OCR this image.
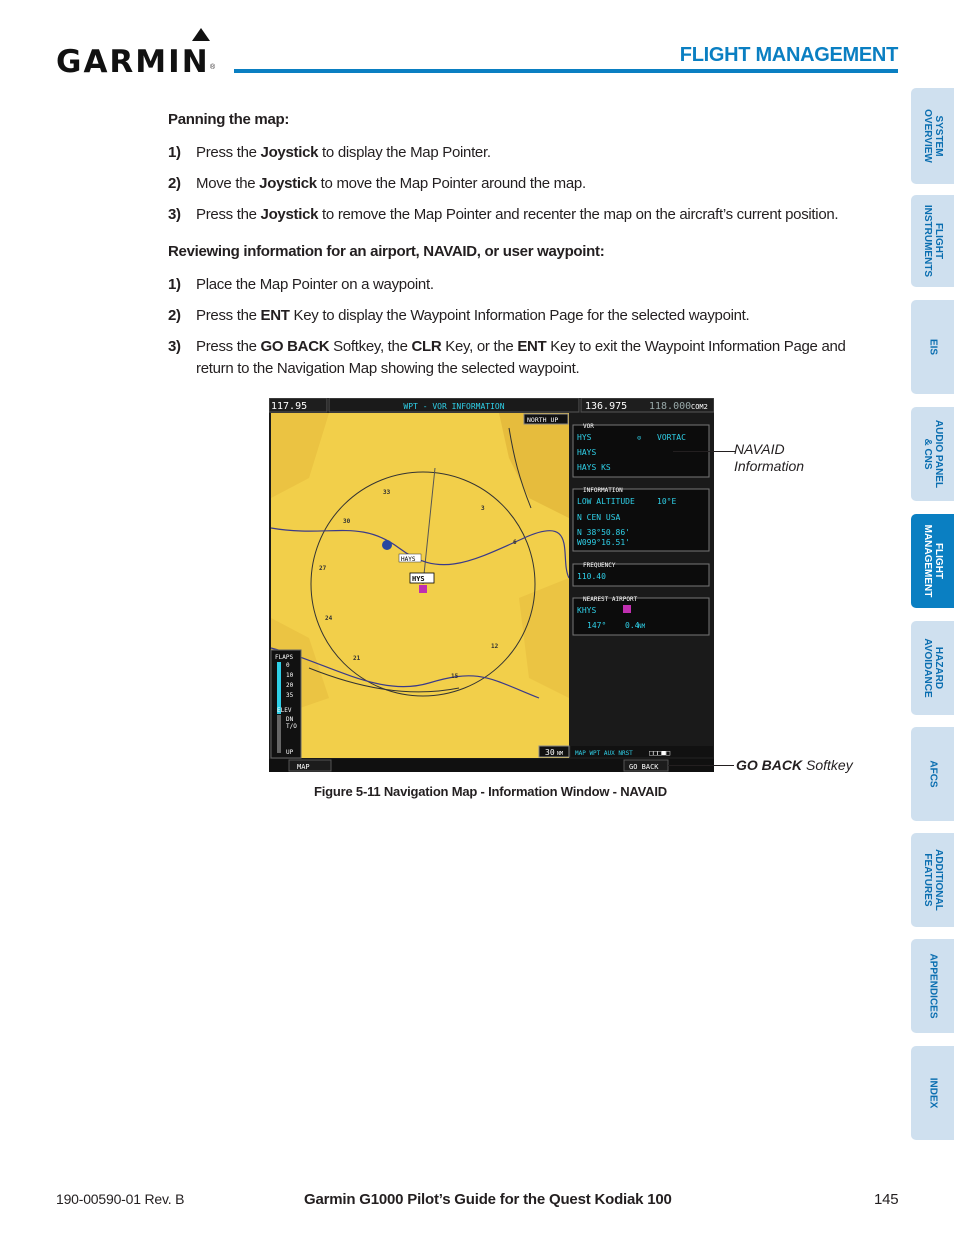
GARMIN ®
FLIGHT MANAGEMENT
Panning the map:
1) Press the Joystick to display the Map Pointer.
2) Move the Joystick to move the Map Pointer around the map.
3) Press the Joystick to remove the Map Pointer and recenter the map on the aircraft’s current position.
Reviewing information for an airport, NAVAID, or user waypoint:
1) Place the Map Pointer on a waypoint.
2) Press the ENT Key to display the Waypoint Information Page for the selected waypoint.
3) Press the GO BACK Softkey, the CLR Key, or the ENT Key to exit the Waypoint Information Page and return to the Navigation Map showing the selected waypoint.
117.95	WPT - VOR INFORMATION	136.975 118.000 COM2
33
30
27
24
21
15
12
6
3
HAYS
HYS
FLAPS
0
10
20
35
ELEV
DN
T/O
UP
NORTH UP
VOR
HYS	⊙ VORTAC
HAYS
HAYS KS
INFORMATION
LOW ALTITUDE	10°E
N CEN USA
N 38°50.86'
W099°16.51'
FREQUENCY
110.40
NEAREST AIRPORT
KHYS
147° 0.4
NM
30 NM MAP WPT AUX NRST □□□■□
MAP	GO BACK
NAVAID
Information
GO BACK Softkey
Figure 5-11 Navigation Map - Information Window - NAVAID
SYSTEM
OVERVIEW
FLIGHT
INSTRUMENTS
EIS
AUDIO PANEL
& CNS
FLIGHT
MANAGEMENT
HAZARD
AVOIDANCE
AFCS
ADDITIONAL
FEATURES
APPENDICES
INDEX
190-00590-01 Rev. B	Garmin G1000 Pilot’s Guide for the Quest Kodiak 100	145
